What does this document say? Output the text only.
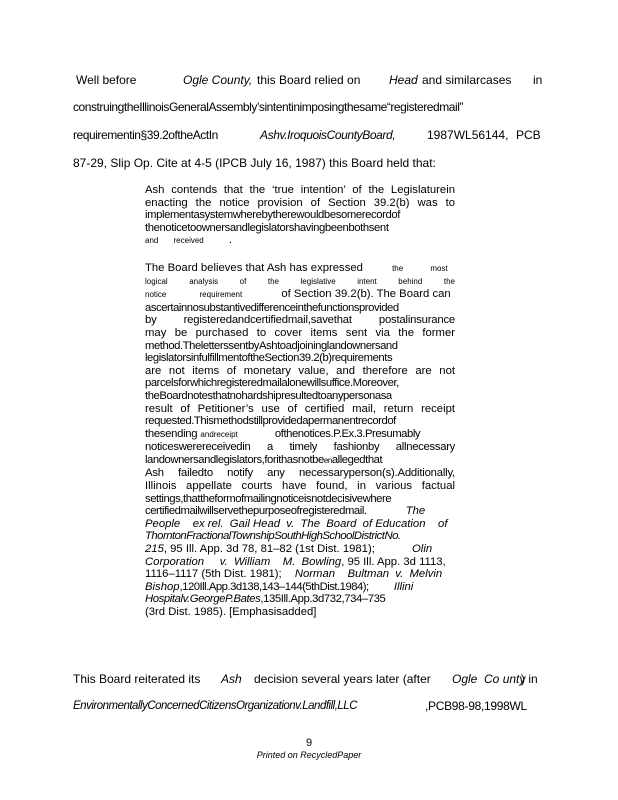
Well before	Ogle County, this Board relied on Head and similarcases in
construingtheIllinoisGeneralAssembly’sintentinimposingthesame“registeredmail”
requirementin§39.2oftheActIn	Ashv.IroquoisCountyBoard,	1987WL56144, PCB
87-29, Slip Op. Cite at 4-5 (IPCB July 16, 1987) this Board held that:

Ash contends that the ‘true intention’ of the Legislaturein
enacting the notice provision of Section 39.2(b) was to
implementasystemwherebytherewouldbesomerecordof
thenoticetoownersandlegislatorshavingbeenbothsent
and received .

The Board believes that Ash has expressed	the	most
logical	analysis	of	the	legislative	intent	behind	the
notice	requirement	of Section 39.2(b). The Board can
ascertainnosubstantivedifferenceinthefunctionsprovided
by registeredandcertifiedmail,savethat postalinsurance
may be purchased to cover items sent via the former
method.TheletterssentbyAshtoadjoininglandownersand
legislatorsinfulfillmentoftheSection39.2(b)requirements
are not items of monetary value, and therefore are not
parcelsforwhichregisteredmailalonewillsuffice.Moreover,
theBoardnotesthatnohardshipresultedtoanypersonasa
result of Petitioner’s use of certified mail, return receipt
requested.Thismethodstillprovidedapermanentrecordof
thesending andreceipt	ofthenotices.P.Ex.3.Presumably
noticeswerereceivedin a timely fashionby allnecessary
landownersandlegislators,forithasnotbeenallegedthat
Ash failedto notify any necessaryperson(s).Additionally,
Illinois appellate courts have found, in various factual
settings,thattheformofmailingnoticeisnotdecisivewhere
certifiedmailwillservethepurposeofregisteredmail.	The
People    ex rel.  Gail Head  v.  The  Board  of Education    of
ThorntonFractionalTownshipSouthHighSchoolDistrictNo.
215, 95 Ill. App. 3d 78, 81–82 (1st Dist. 1981);	Olin
Corporation     v.  William    M.  Bowling, 95 Ill. App. 3d 1113,
1116–1117 (5th Dist. 1981); Norman    Bultman  v.  Melvin
Bishop,120Ill.App.3d138,143–144(5thDist.1984); Illini
Hospitalv.GeorgeP.Bates,135Ill.App.3d732,734–735
(3rd Dist. 1985). [Emphasisadded]

This Board reiterated its Ash decision several years later (after Ogle  Co unty
) in
EnvironmentallyConcernedCitizensOrganizationv.Landfill,LLC	,PCB98-98,1998WL
9
Printed on RecycledPaper
